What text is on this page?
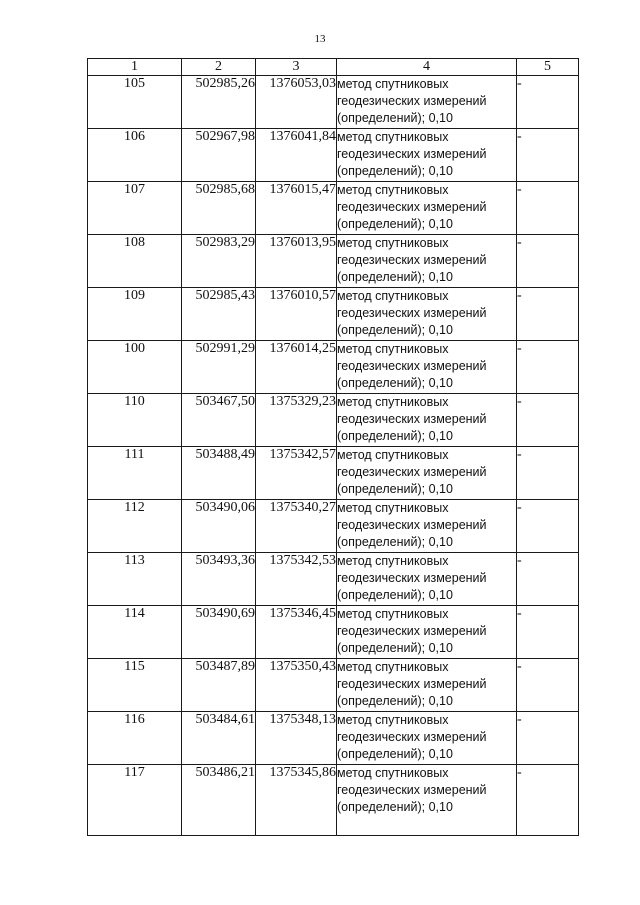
13
1	2	3	4	5
105	502985,26	1376053,03	метод спутниковых
геодезических измерений
(определений); 0,10	-
106	502967,98	1376041,84	метод спутниковых
геодезических измерений
(определений); 0,10	-
107	502985,68	1376015,47	метод спутниковых
геодезических измерений
(определений); 0,10	-
108	502983,29	1376013,95	метод спутниковых
геодезических измерений
(определений); 0,10	-
109	502985,43	1376010,57	метод спутниковых
геодезических измерений
(определений); 0,10	-
100	502991,29	1376014,25	метод спутниковых
геодезических измерений
(определений); 0,10	-
110	503467,50	1375329,23	метод спутниковых
геодезических измерений
(определений); 0,10	-
111	503488,49	1375342,57	метод спутниковых
геодезических измерений
(определений); 0,10	-
112	503490,06	1375340,27	метод спутниковых
геодезических измерений
(определений); 0,10	-
113	503493,36	1375342,53	метод спутниковых
геодезических измерений
(определений); 0,10	-
114	503490,69	1375346,45	метод спутниковых
геодезических измерений
(определений); 0,10	-
115	503487,89	1375350,43	метод спутниковых
геодезических измерений
(определений); 0,10	-
116	503484,61	1375348,13	метод спутниковых
геодезических измерений
(определений); 0,10	-
117	503486,21	1375345,86	метод спутниковых
геодезических измерений
(определений); 0,10	-
